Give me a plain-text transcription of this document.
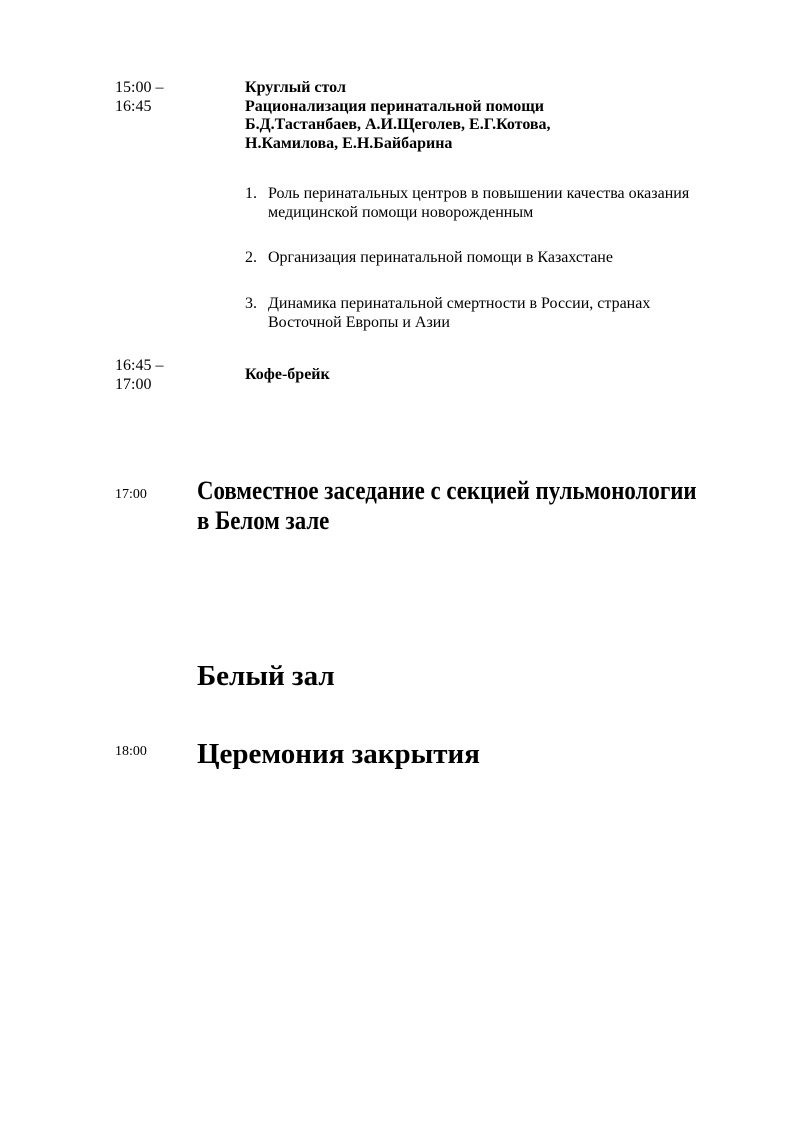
15:00 –
16:45
Круглый стол
Рационализация перинатальной помощи
Б.Д.Тастанбаев, А.И.Щеголев, Е.Г.Котова,
Н.Камилова, Е.Н.Байбарина
1. Роль перинатальных центров в повышении качества оказания
медицинской помощи новорожденным
2. Организация перинатальной помощи в Казахстане
3. Динамика перинатальной смертности в России, странах
Восточной Европы и Азии
16:45 –
17:00
Кофе-брейк
17:00 Совместное заседание с секцией пульмонологии
в Белом зале
Белый зал
18:00 Церемония закрытия
